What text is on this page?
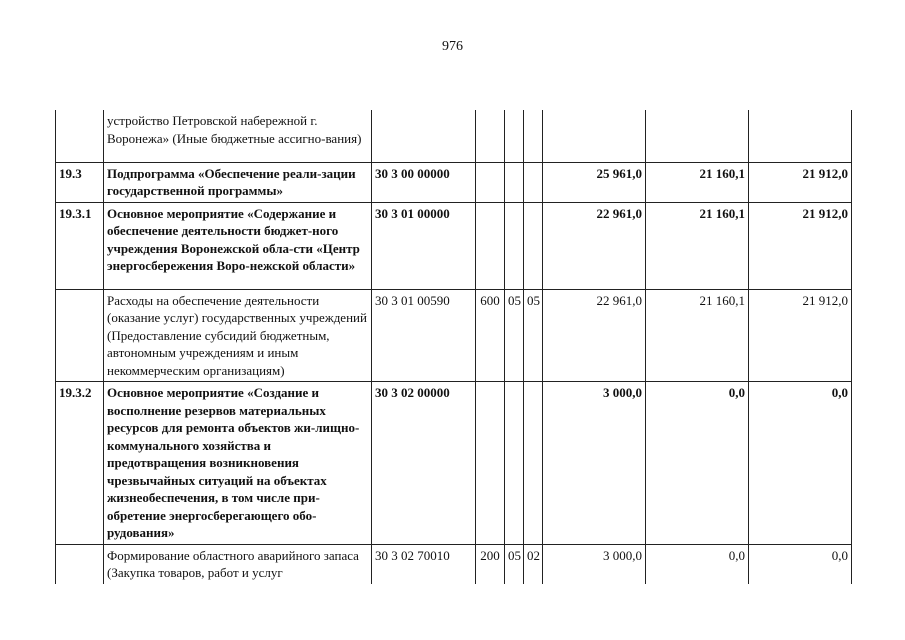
976
	устройство Петровской набережной г. Воронежа» (Иные бюджетные ассигно-вания)							
19.3	Подпрограмма «Обеспечение реали-зации государственной программы»	30 3 00 00000				25 961,0	21 160,1	21 912,0
19.3.1	Основное мероприятие «Содержание и обеспечение деятельности бюджет-ного учреждения Воронежской обла-сти «Центр энергосбережения Воро-нежской области»	30 3 01 00000				22 961,0	21 160,1	21 912,0
	Расходы на обеспечение деятельности (оказание услуг) государственных учреждений (Предоставление субсидий бюджетным, автономным учреждениям и иным некоммерческим организациям)	30 3 01 00590	600	05	05	22 961,0	21 160,1	21 912,0
19.3.2	Основное мероприятие «Создание и восполнение резервов материальных ресурсов для ремонта объектов жи-лищно-коммунального хозяйства и предотвращения возникновения чрезвычайных ситуаций на объектах жизнеобеспечения, в том числе при-обретение энергосберегающего обо-рудования»	30 3 02 00000				3 000,0	0,0	0,0
	Формирование областного аварийного запаса (Закупка товаров, работ и услуг	30 3 02 70010	200	05	02	3 000,0	0,0	0,0
